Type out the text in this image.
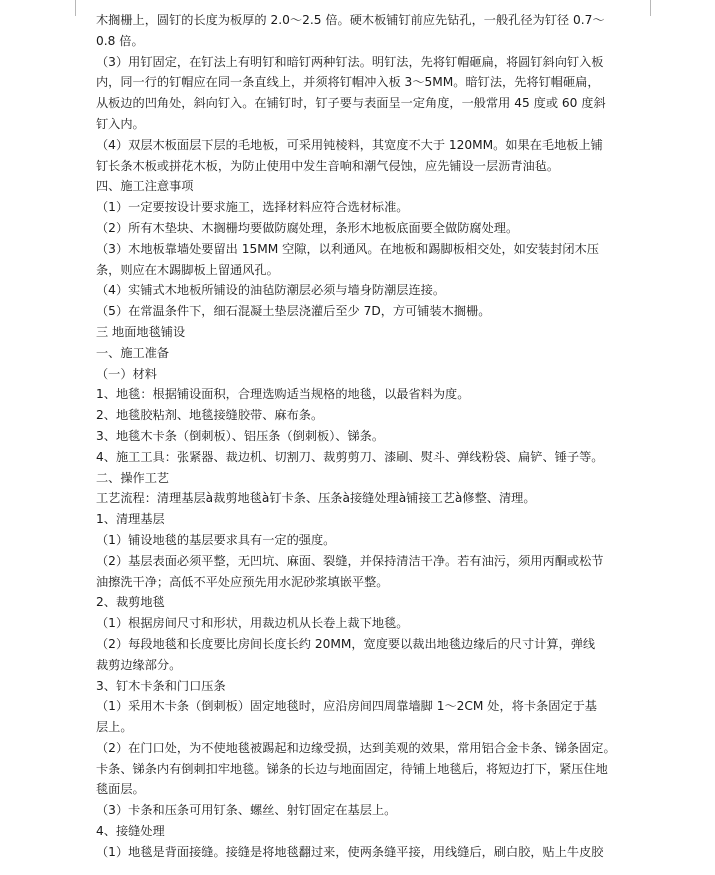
木搁栅上，圆钉的长度为板厚的 2.0～2.5 倍。硬木板铺钉前应先钻孔，一般孔径为钉径 0.7～
0.8 倍。
（3）用钉固定，在钉法上有明钉和暗钉两种钉法。明钉法，先将钉帽砸扁，将圆钉斜向钉入板
内，同一行的钉帽应在同一条直线上，并须将钉帽冲入板 3～5MM。暗钉法，先将钉帽砸扁，
从板边的凹角处，斜向钉入。在铺钉时，钉子要与表面呈一定角度，一般常用 45 度或 60 度斜
钉入内。
（4）双层木板面层下层的毛地板，可采用钝棱料，其宽度不大于 120MM。如果在毛地板上铺
钉长条木板或拼花木板，为防止使用中发生音响和潮气侵蚀，应先铺设一层沥青油毡。
四、施工注意事项
（1）一定要按设计要求施工，选择材料应符合选材标准。
（2）所有木垫块、木搁栅均要做防腐处理，条形木地板底面要全做防腐处理。
（3）木地板靠墙处要留出 15MM 空隙，以利通风。在地板和踢脚板相交处，如安装封闭木压
条，则应在木踢脚板上留通风孔。
（4）实铺式木地板所铺设的油毡防潮层必须与墙身防潮层连接。
（5）在常温条件下，细石混凝土垫层浇灌后至少 7D，方可铺装木搁栅。
三 地面地毯铺设
一、施工准备
（一）材料
1、地毯：根据铺设面积，合理选购适当规格的地毯，以最省料为度。
2、地毯胶粘剂、地毯接缝胶带、麻布条。
3、地毯木卡条（倒刺板）、铝压条（倒刺板）、锑条。
4、施工工具：张紧器、裁边机、切割刀、裁剪剪刀、漆刷、熨斗、弹线粉袋、扁铲、锤子等。
二、操作工艺
工艺流程：清理基层à裁剪地毯à钉卡条、压条à接缝处理à铺接工艺à修整、清理。
1、清理基层
（1）铺设地毯的基层要求具有一定的强度。
（2）基层表面必须平整，无凹坑、麻面、裂缝，并保持清洁干净。若有油污，须用丙酮或松节
油擦洗干净；高低不平处应预先用水泥砂浆填嵌平整。
2、裁剪地毯
（1）根据房间尺寸和形状，用裁边机从长卷上裁下地毯。
（2）每段地毯和长度要比房间长度长约 20MM，宽度要以裁出地毯边缘后的尺寸计算，弹线
裁剪边缘部分。
3、钉木卡条和门口压条
（1）采用木卡条（倒刺板）固定地毯时，应沿房间四周靠墙脚 1～2CM 处，将卡条固定于基
层上。
（2）在门口处，为不使地毯被踢起和边缘受损，达到美观的效果，常用铝合金卡条、锑条固定。
卡条、锑条内有倒刺扣牢地毯。锑条的长边与地面固定，待铺上地毯后，将短边打下，紧压住地
毯面层。
（3）卡条和压条可用钉条、螺丝、射钉固定在基层上。
4、接缝处理
（1）地毯是背面接缝。接缝是将地毯翻过来，使两条缝平接，用线缝后，刷白胶，贴上牛皮胶
